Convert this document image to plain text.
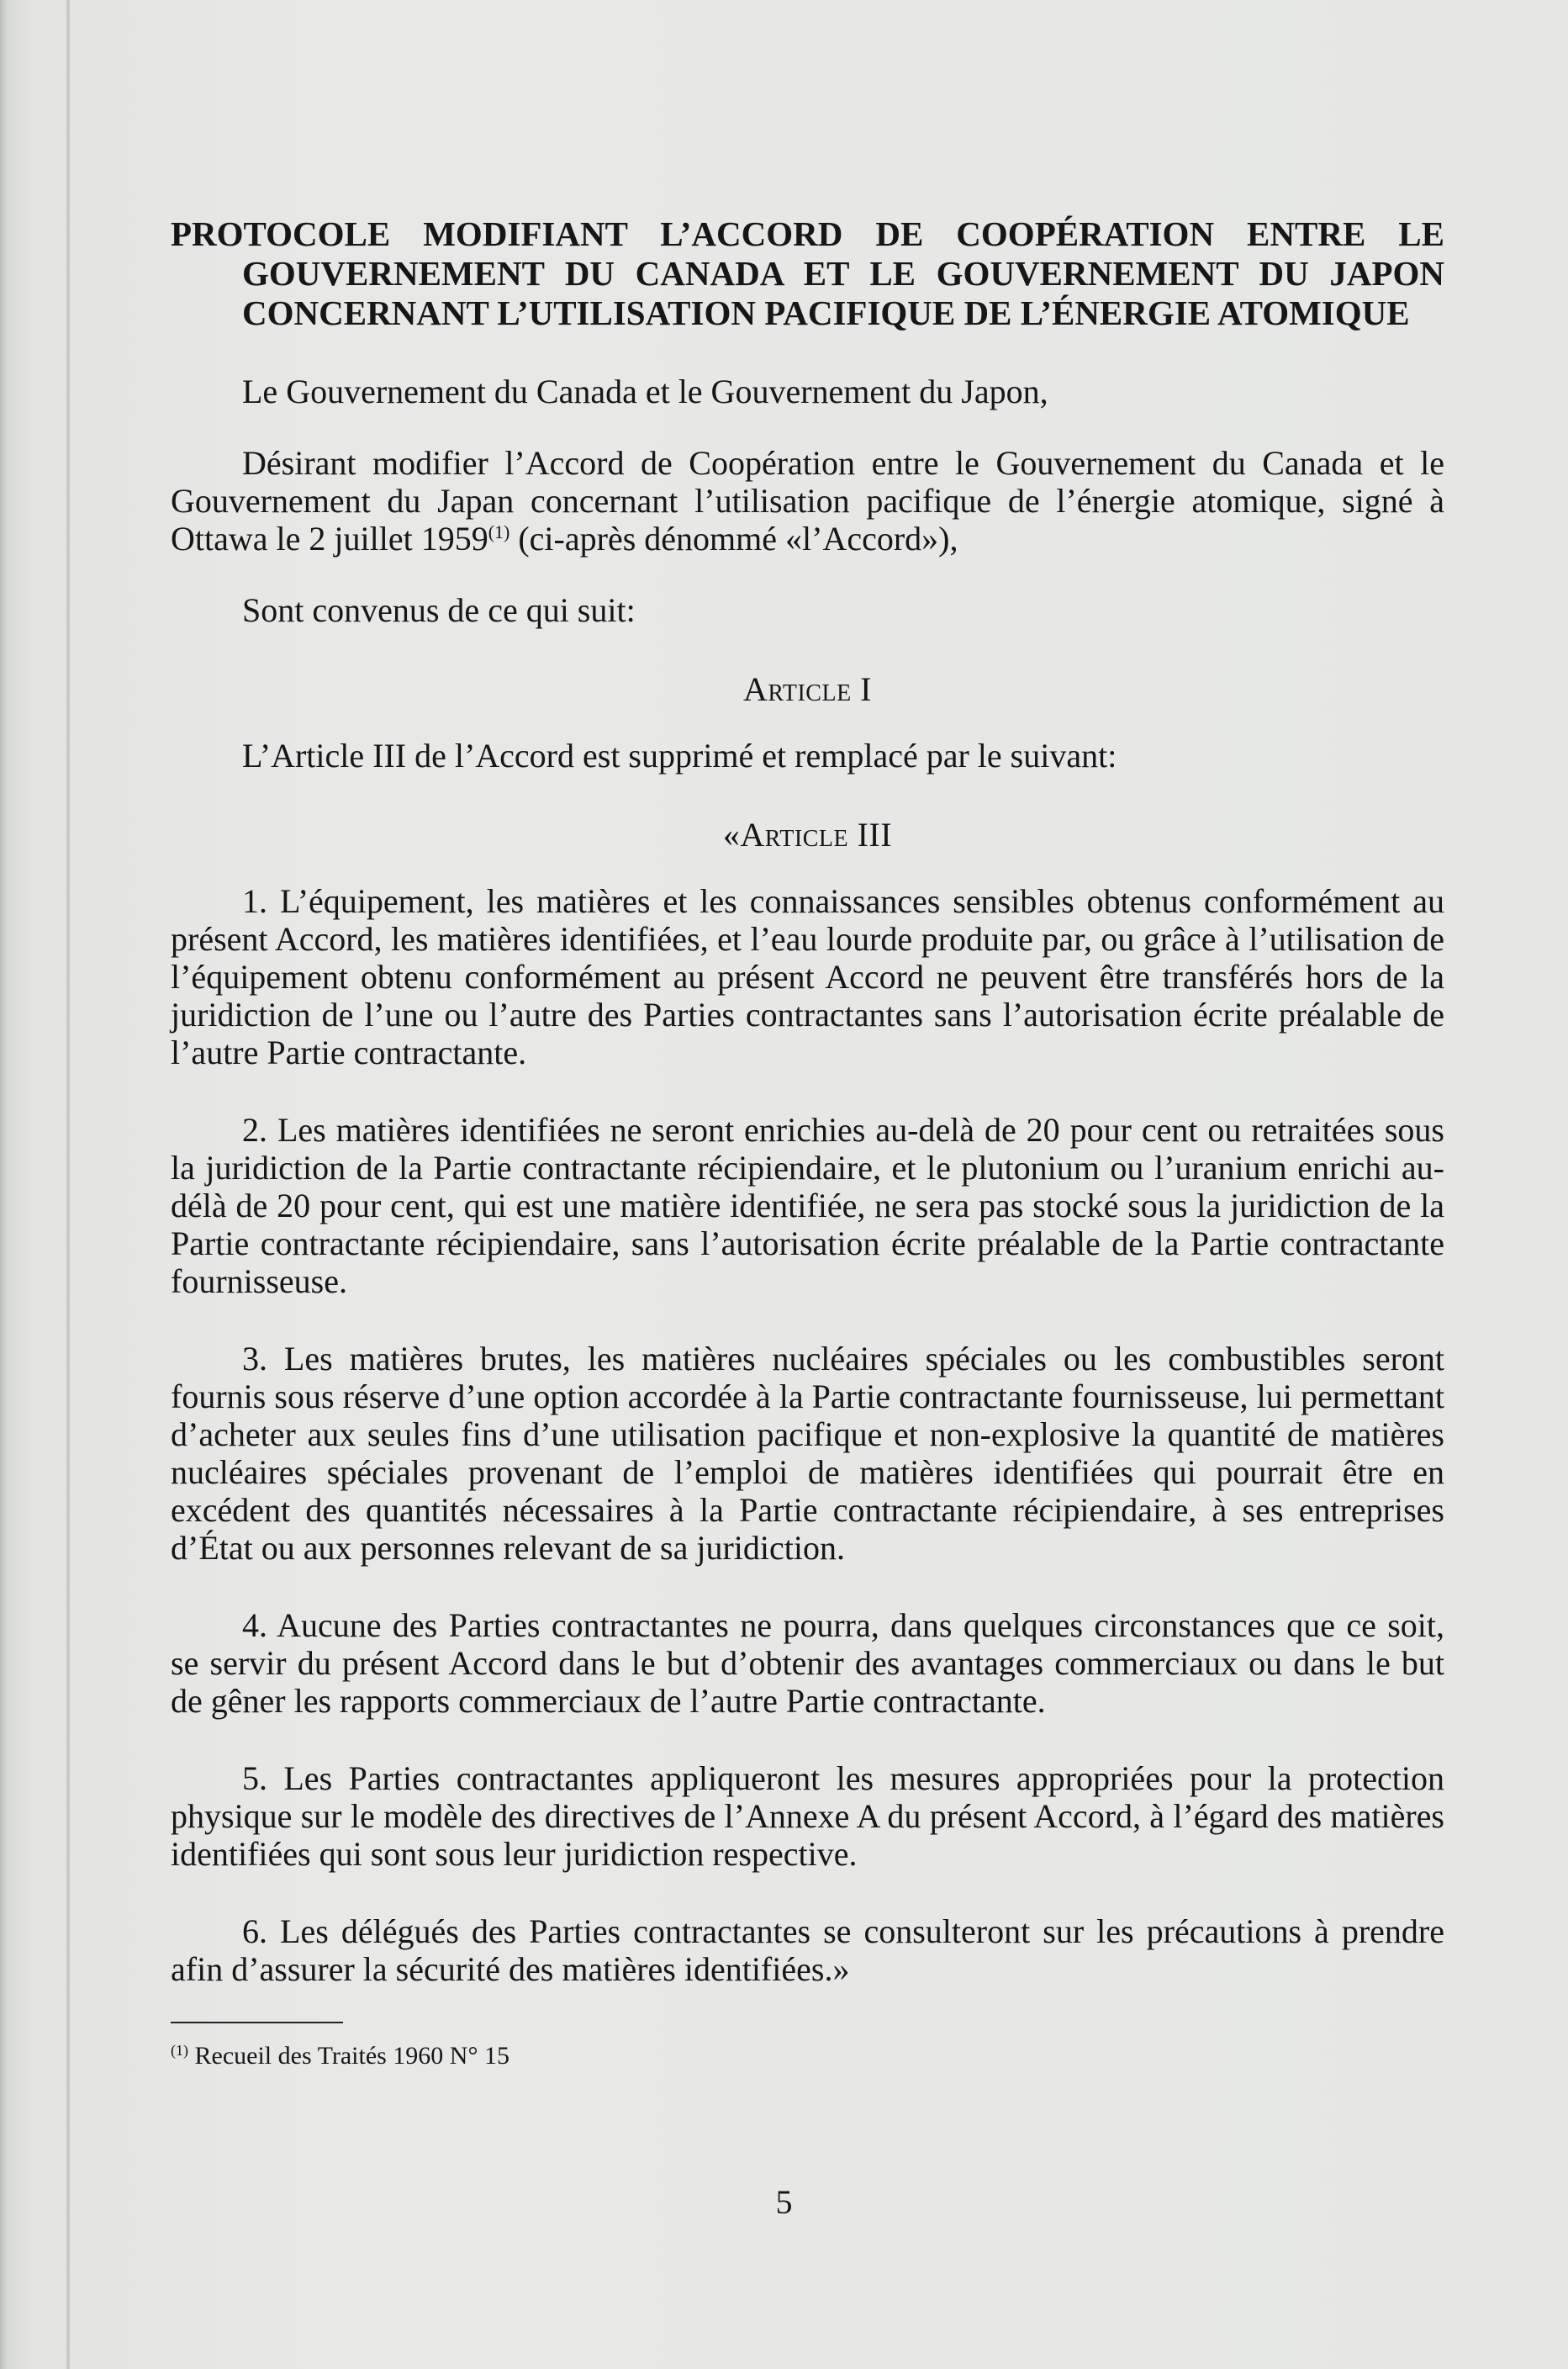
PROTOCOLE MODIFIANT L’ACCORD DE COOPÉRATION ENTRE LE GOUVERNEMENT DU CANADA ET LE GOUVERNEMENT DU JAPON CONCERNANT L’UTILISATION PACIFIQUE DE L’ÉNERGIE ATOMIQUE

Le Gouvernement du Canada et le Gouvernement du Japon,

Désirant modifier l’Accord de Coopération entre le Gouvernement du Canada et le Gouvernement du Japan concernant l’utilisation pacifique de l’énergie atomique, signé à Ottawa le 2 juillet 1959$^{(1)}$ (ci-après dénommé «l’Accord»),

Sont convenus de ce qui suit:

Article I

L’Article III de l’Accord est supprimé et remplacé par le suivant:

«Article III

1. L’équipement, les matières et les connaissances sensibles obtenus conformément au présent Accord, les matières identifiées, et l’eau lourde produite par, ou grâce à l’utilisation de l’équipement obtenu conformément au présent Accord ne peuvent être transférés hors de la juridiction de l’une ou l’autre des Parties contractantes sans l’autorisation écrite préalable de l’autre Partie contractante.

2. Les matières identifiées ne seront enrichies au-delà de 20 pour cent ou retraitées sous la juridiction de la Partie contractante récipiendaire, et le plutonium ou l’uranium enrichi au-délà de 20 pour cent, qui est une matière identifiée, ne sera pas stocké sous la juridiction de la Partie contractante récipiendaire, sans l’autorisation écrite préalable de la Partie contractante fournisseuse.

3. Les matières brutes, les matières nucléaires spéciales ou les combustibles seront fournis sous réserve d’une option accordée à la Partie contractante fournisseuse, lui permettant d’acheter aux seules fins d’une utilisation pacifique et non-explosive la quantité de matières nucléaires spéciales provenant de l’emploi de matières identifiées qui pourrait être en excédent des quantités nécessaires à la Partie contractante récipiendaire, à ses entreprises d’État ou aux personnes relevant de sa juridiction.

4. Aucune des Parties contractantes ne pourra, dans quelques circonstances que ce soit, se servir du présent Accord dans le but d’obtenir des avantages commerciaux ou dans le but de gêner les rapports commerciaux de l’autre Partie contractante.

5. Les Parties contractantes appliqueront les mesures appropriées pour la protection physique sur le modèle des directives de l’Annexe A du présent Accord, à l’égard des matières identifiées qui sont sous leur juridiction respective.

6. Les délégués des Parties contractantes se consulteront sur les précautions à prendre afin d’assurer la sécurité des matières identifiées.»

$^{(1)}$ Recueil des Traités 1960 N° 15

5
